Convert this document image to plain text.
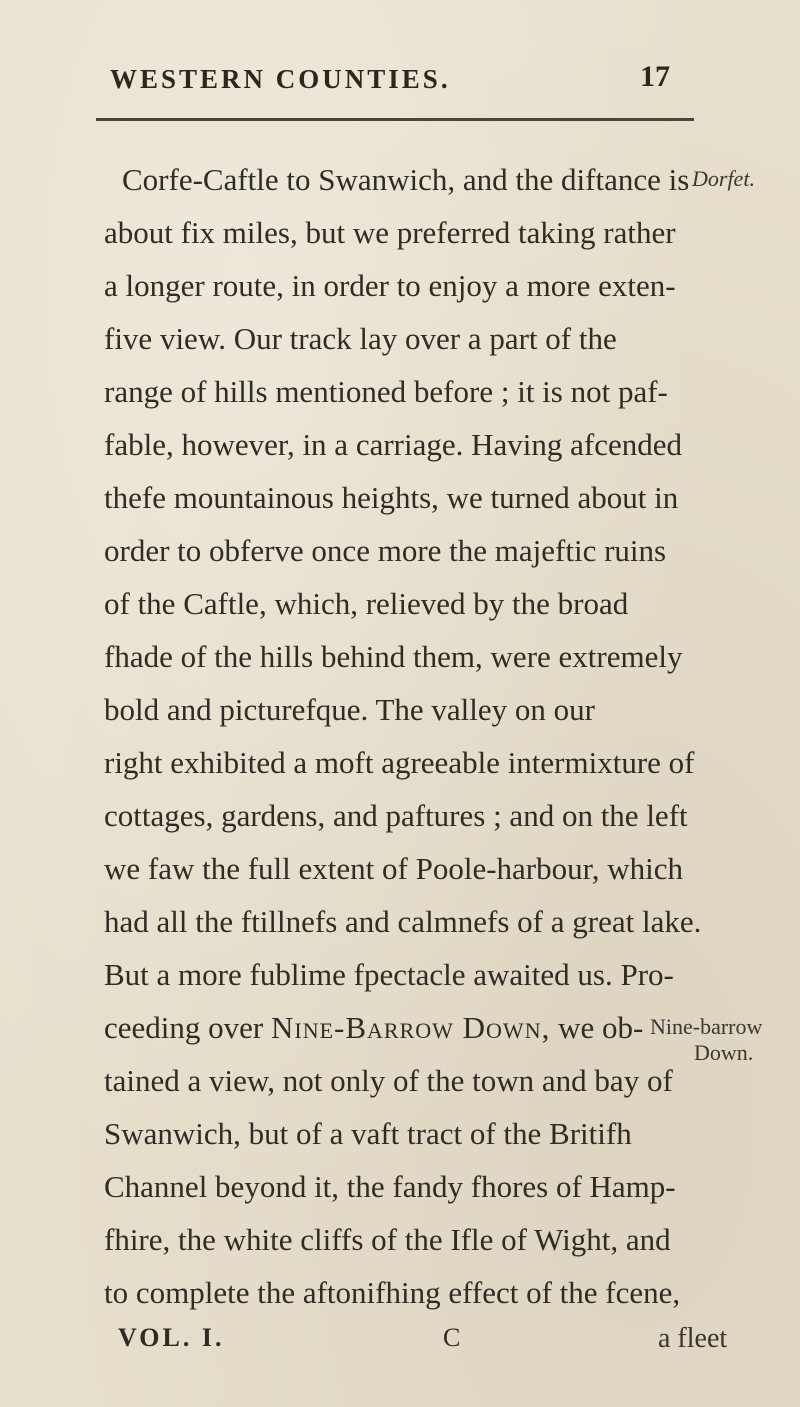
WESTERN COUNTIES.	17
Corfe-Caftle to Swanwich, and the diftance is
about fix miles, but we preferred taking rather
a longer route, in order to enjoy a more exten-
five view. Our track lay over a part of the
range of hills mentioned before ; it is not paf-
fable, however, in a carriage. Having afcended
thefe mountainous heights, we turned about in
order to obferve once more the majeftic ruins
of the Caftle, which, relieved by the broad
fhade of the hills behind them, were extremely
bold and picturefque. The valley on our
right exhibited a moft agreeable intermixture of
cottages, gardens, and paftures ; and on the left
we faw the full extent of Poole-harbour, which
had all the ftillnefs and calmnefs of a great lake.
But a more fublime fpectacle awaited us. Pro-
ceeding over Nine-Barrow Down, we ob-
tained a view, not only of the town and bay of
Swanwich, but of a vaft tract of the Britifh
Channel beyond it, the fandy fhores of Hamp-
fhire, the white cliffs of the Ifle of Wight, and
to complete the aftonifhing effect of the fcene,
Dorfet.
Nine-barrow
Down.
VOL. I.	C	a fleet
